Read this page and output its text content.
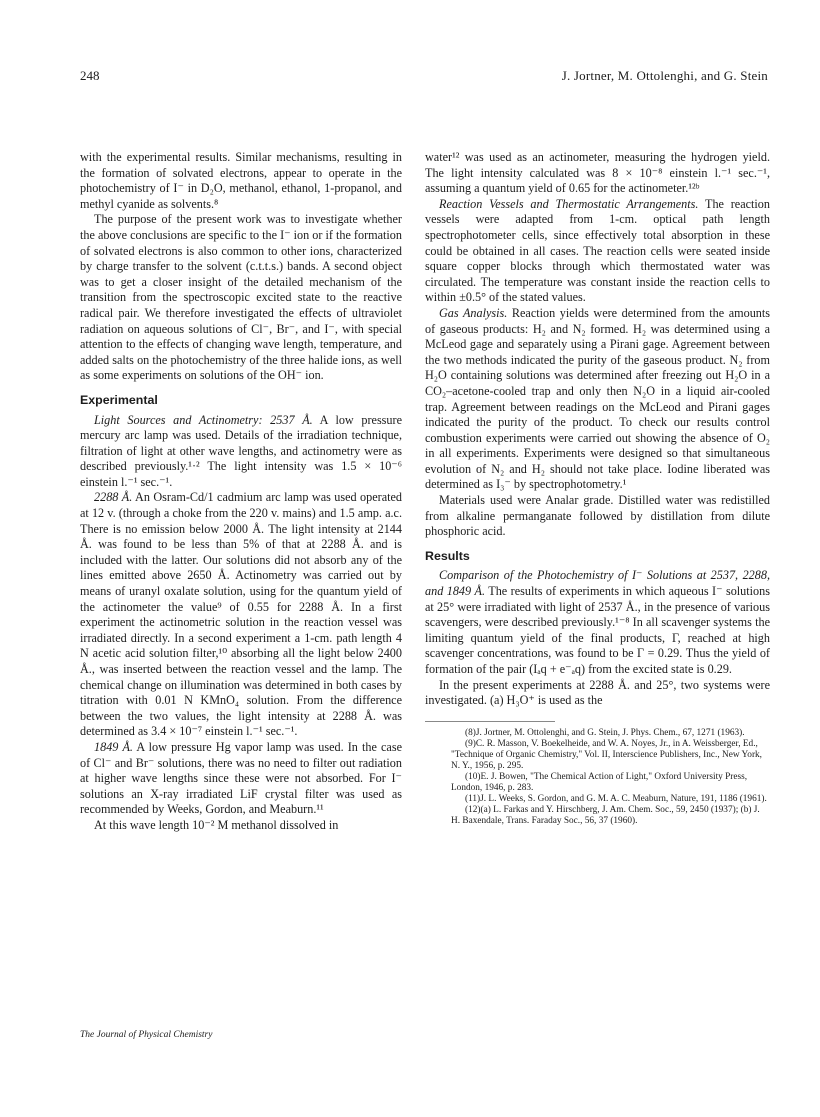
248	J. Jortner, M. Ottolenghi, and G. Stein

with the experimental results. Similar mechanisms, resulting in the formation of solvated electrons, appear to operate in the photochemistry of I⁻ in D₂O, methanol, ethanol, 1-propanol, and methyl cyanide as solvents.⁸

The purpose of the present work was to investigate whether the above conclusions are specific to the I⁻ ion or if the formation of solvated electrons is also common to other ions, characterized by charge transfer to the solvent (c.t.t.s.) bands. A second object was to get a closer insight of the detailed mechanism of the transition from the spectroscopic excited state to the reactive radical pair. We therefore investigated the effects of ultraviolet radiation on aqueous solutions of Cl⁻, Br⁻, and I⁻, with special attention to the effects of changing wave length, temperature, and added salts on the photochemistry of the three halide ions, as well as some experiments on solutions of the OH⁻ ion.

Experimental

Light Sources and Actinometry: 2537 Å. A low pressure mercury arc lamp was used. Details of the irradiation technique, filtration of light at other wave lengths, and actinometry were as described previously.¹·² The light intensity was 1.5 × 10⁻⁶ einstein l.⁻¹ sec.⁻¹.

2288 Å. An Osram-Cd/1 cadmium arc lamp was used operated at 12 v. (through a choke from the 220 v. mains) and 1.5 amp. a.c. There is no emission below 2000 Å. The light intensity at 2144 Å. was found to be less than 5% of that at 2288 Å. and is included with the latter. Our solutions did not absorb any of the lines emitted above 2650 Å. Actinometry was carried out by means of uranyl oxalate solution, using for the quantum yield of the actinometer the value⁹ of 0.55 for 2288 Å. In a first experiment the actinometric solution in the reaction vessel was irradiated directly. In a second experiment a 1-cm. path length 4 N acetic acid solution filter,¹⁰ absorbing all the light below 2400 Å., was inserted between the reaction vessel and the lamp. The chemical change on illumination was determined in both cases by titration with 0.01 N KMnO₄ solution. From the difference between the two values, the light intensity at 2288 Å. was determined as 3.4 × 10⁻⁷ einstein l.⁻¹ sec.⁻¹.

1849 Å. A low pressure Hg vapor lamp was used. In the case of Cl⁻ and Br⁻ solutions, there was no need to filter out radiation at higher wave lengths since these were not absorbed. For I⁻ solutions an X-ray irradiated LiF crystal filter was used as recommended by Weeks, Gordon, and Meaburn.¹¹

At this wave length 10⁻² M methanol dissolved in

water¹² was used as an actinometer, measuring the hydrogen yield. The light intensity calculated was 8 × 10⁻⁸ einstein l.⁻¹ sec.⁻¹, assuming a quantum yield of 0.65 for the actinometer.¹²ᵇ

Reaction Vessels and Thermostatic Arrangements. The reaction vessels were adapted from 1-cm. optical path length spectrophotometer cells, since effectively total absorption in these could be obtained in all cases. The reaction cells were seated inside square copper blocks through which thermostated water was circulated. The temperature was constant inside the reaction cells to within ±0.5° of the stated values.

Gas Analysis. Reaction yields were determined from the amounts of gaseous products: H₂ and N₂ formed. H₂ was determined using a McLeod gage and separately using a Pirani gage. Agreement between the two methods indicated the purity of the gaseous product. N₂ from H₂O containing solutions was determined after freezing out H₂O in a CO₂–acetone-cooled trap and only then N₂O in a liquid air-cooled trap. Agreement between readings on the McLeod and Pirani gages indicated the purity of the product. To check our results control combustion experiments were carried out showing the absence of O₂ in all experiments. Experiments were designed so that simultaneous evolution of N₂ and H₂ should not take place. Iodine liberated was determined as I₃⁻ by spectrophotometry.¹

Materials used were Analar grade. Distilled water was redistilled from alkaline permanganate followed by distillation from dilute phosphoric acid.

Results

Comparison of the Photochemistry of I⁻ Solutions at 2537, 2288, and 1849 Å. The results of experiments in which aqueous I⁻ solutions at 25° were irradiated with light of 2537 Å., in the presence of various scavengers, were described previously.¹⁻⁸ In all scavenger systems the limiting quantum yield of the final products, Γ, reached at high scavenger concentrations, was found to be Γ = 0.29. Thus the yield of formation of the pair (Iₐq + e⁻ₐq) from the excited state is 0.29.

In the present experiments at 2288 Å. and 25°, two systems were investigated. (a) H₃O⁺ is used as the

(8)J. Jortner, M. Ottolenghi, and G. Stein, J. Phys. Chem., 67, 1271 (1963).

(9)C. R. Masson, V. Boekelheide, and W. A. Noyes, Jr., in A. Weissberger, Ed., "Technique of Organic Chemistry," Vol. II, Interscience Publishers, Inc., New York, N. Y., 1956, p. 295.

(10)E. J. Bowen, "The Chemical Action of Light," Oxford University Press, London, 1946, p. 283.

(11)J. L. Weeks, S. Gordon, and G. M. A. C. Meaburn, Nature, 191, 1186 (1961).

(12)(a) L. Farkas and Y. Hirschberg, J. Am. Chem. Soc., 59, 2450 (1937); (b) J. H. Baxendale, Trans. Faraday Soc., 56, 37 (1960).

The Journal of Physical Chemistry
